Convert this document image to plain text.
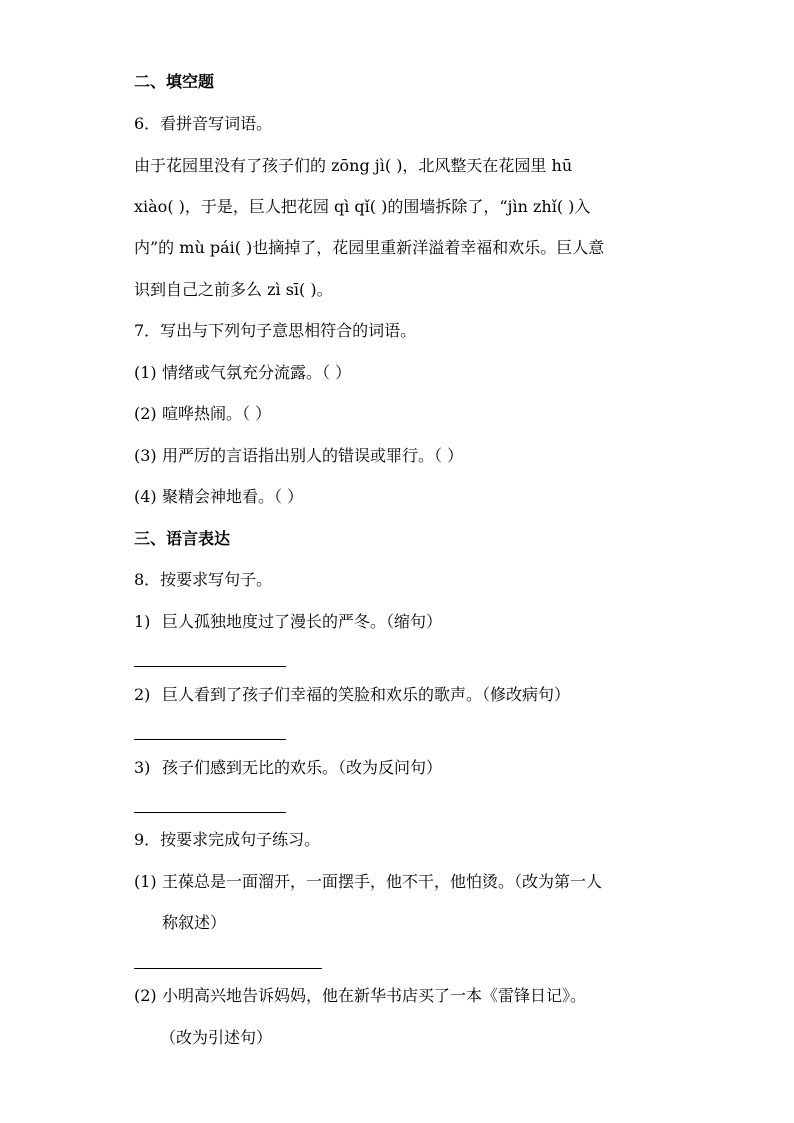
二、填空题
6．看拼音写词语。
由于花园里没有了孩子们的 zōng jì( )，北风整天在花园里 hū
xiào( )，于是，巨人把花园 qì qǐ( )的围墙拆除了，“jìn zhǐ( )入
内”的 mù pái( )也摘掉了，花园里重新洋溢着幸福和欢乐。巨人意
识到自己之前多么 zì sī( )。
7．写出与下列句子意思相符合的词语。
(1) 情绪或气氛充分流露。（ ）
(2) 喧哗热闹。（ ）
(3) 用严厉的言语指出别人的错误或罪行。（ ）
(4) 聚精会神地看。（ ）
三、语言表达
8．按要求写句子。
1) 巨人孤独地度过了漫长的严冬。（缩句）
2) 巨人看到了孩子们幸福的笑脸和欢乐的歌声。（修改病句）
3) 孩子们感到无比的欢乐。（改为反问句）
9．按要求完成句子练习。
(1) 王葆总是一面溜开，一面摆手，他不干，他怕烫。（改为第一人
称叙述）
(2) 小明高兴地告诉妈妈，他在新华书店买了一本《雷锋日记》。
（改为引述句）
